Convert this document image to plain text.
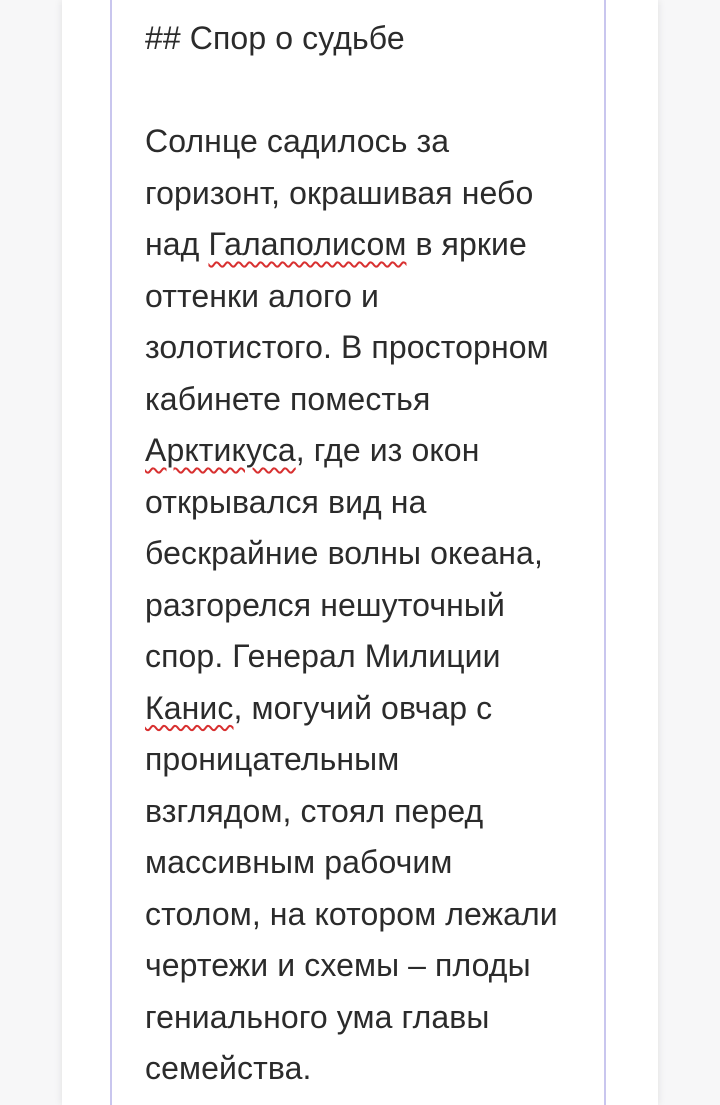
## Спор о судьбе
Солнце садилось за
горизонт, окрашивая небо
над Галаполисом в яркие
оттенки алого и
золотистого. В просторном
кабинете поместья
Арктикуса, где из окон
открывался вид на
бескрайние волны океана,
разгорелся нешуточный
спор. Генерал Милиции
Канис, могучий овчар с
проницательным
взглядом, стоял перед
массивным рабочим
столом, на котором лежали
чертежи и схемы – плоды
гениального ума главы
семейства.
